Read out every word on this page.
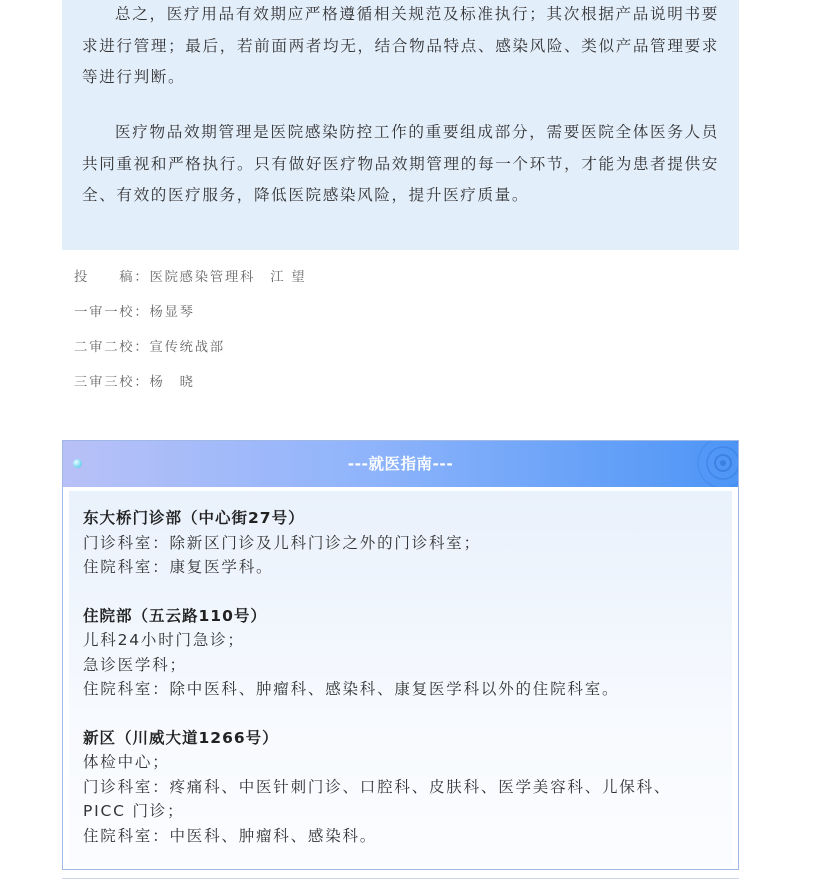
总之，医疗用品有效期应严格遵循相关规范及标准执行；其次根据产品说明书要求进行管理；最后，若前面两者均无，结合物品特点、感染风险、类似产品管理要求等进行判断。

医疗物品效期管理是医院感染防控工作的重要组成部分，需要医院全体医务人员共同重视和严格执行。只有做好医疗物品效期管理的每一个环节，才能为患者提供安全、有效的医疗服务，降低医院感染风险，提升医疗质量。

投　　稿：医院感染管理科　江 望
一审一校：杨显琴
二审二校：宣传统战部
三审三校：杨　晓
---就医指南---
东大桥门诊部（中心街27号）
门诊科室：除新区门诊及儿科门诊之外的门诊科室；
住院科室：康复医学科。
住院部（五云路110号）
儿科24小时门急诊；
急诊医学科；
住院科室：除中医科、肿瘤科、感染科、康复医学科以外的住院科室。
新区（川威大道1266号）
体检中心；
门诊科室：疼痛科、中医针刺门诊、口腔科、皮肤科、医学美容科、儿保科、
PICC 门诊；
住院科室：中医科、肿瘤科、感染科。
